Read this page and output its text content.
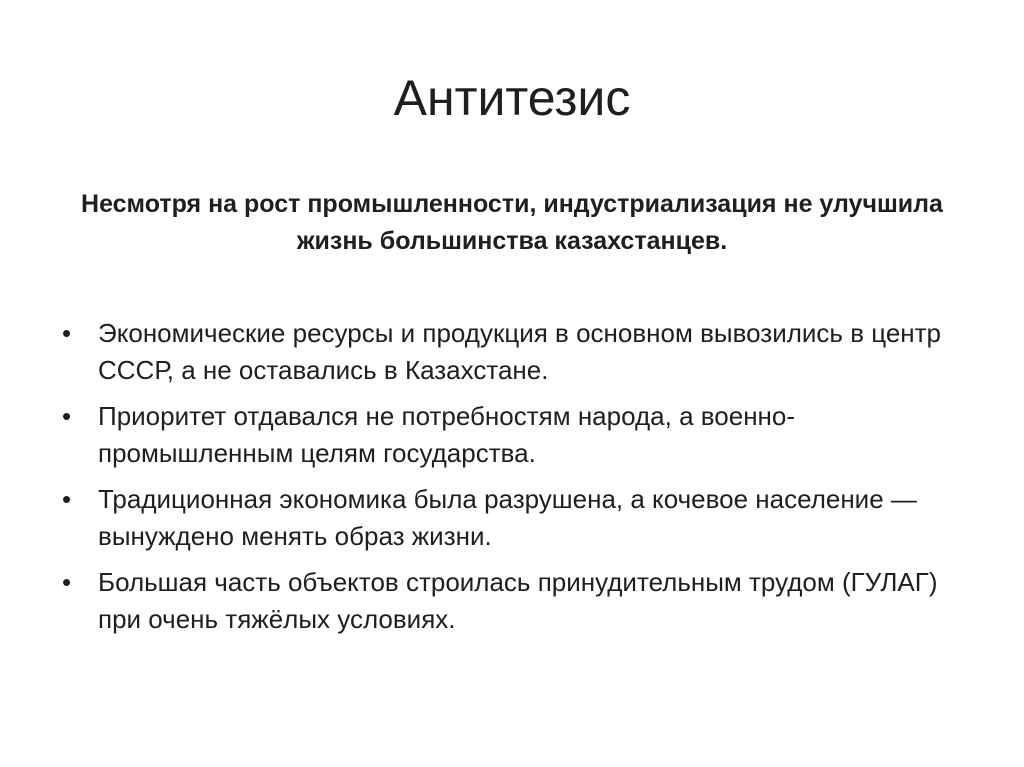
Антитезис

Несмотря на рост промышленности, индустриализация не улучшила жизнь большинства казахстанцев.

• Экономические ресурсы и продукция в основном вывозились в центр СССР, а не оставались в Казахстане.
• Приоритет отдавался не потребностям народа, а военно-промышленным целям государства.
• Традиционная экономика была разрушена, а кочевое население — вынуждено менять образ жизни.
• Большая часть объектов строилась принудительным трудом (ГУЛАГ) при очень тяжёлых условиях.
